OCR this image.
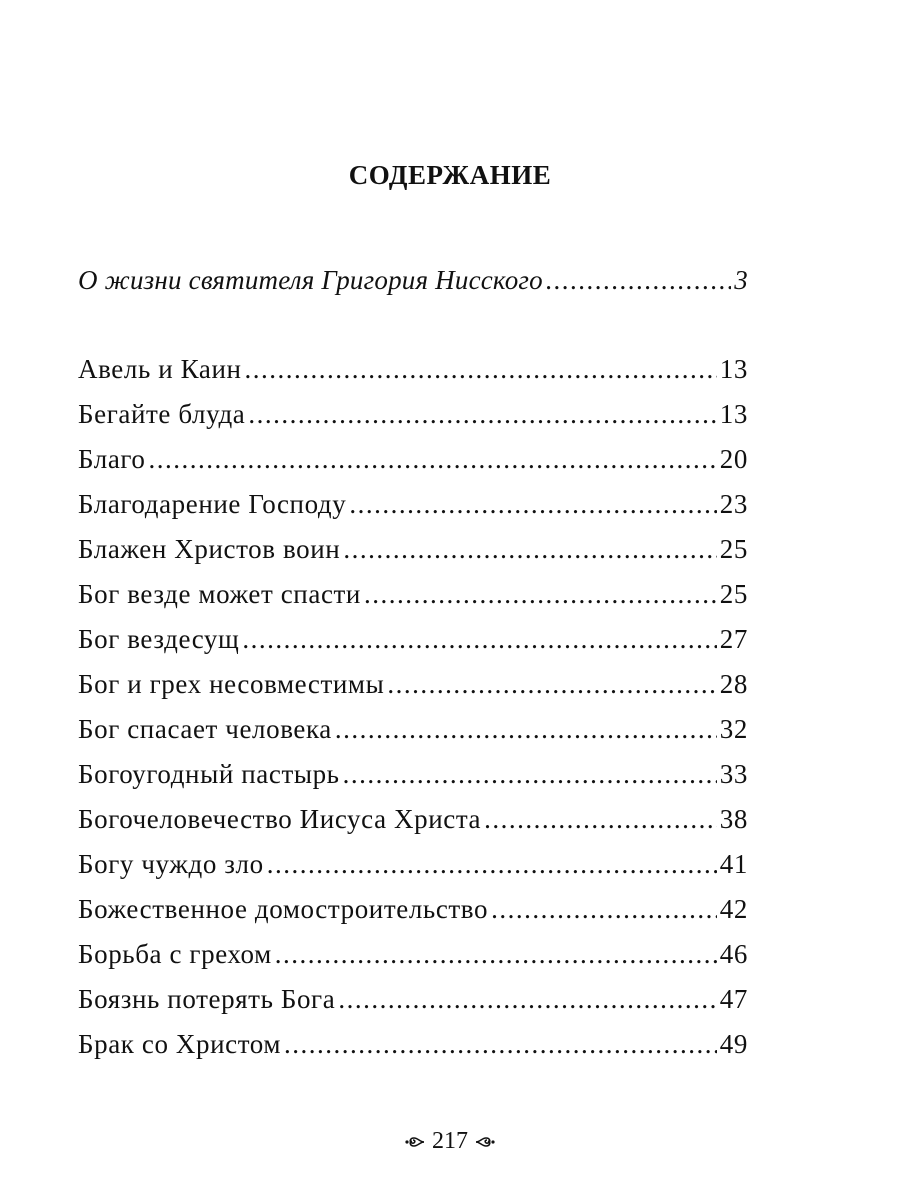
СОДЕРЖАНИЕ
О жизни святителя Григория Нисского .....	3
Авель и Каин .....	13
Бегайте блуда .....	13
Благо .....	20
Благодарение Господу .....	23
Блажен Христов воин .....	25
Бог везде может спасти .....	25
Бог вездесущ .....	27
Бог и грех несовместимы .....	28
Бог спасает человека .....	32
Богоугодный пастырь .....	33
Богочеловечество Иисуса Христа .....	38
Богу чуждо зло .....	41
Божественное домостроительство .....	42
Борьба с грехом .....	46
Боязнь потерять Бога .....	47
Брак со Христом .....	49
217
